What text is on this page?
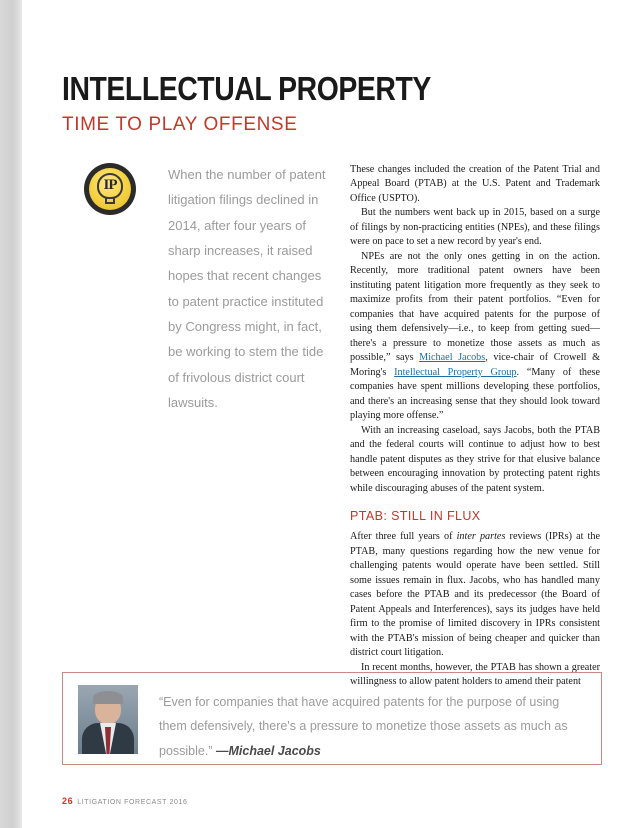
INTELLECTUAL PROPERTY
TIME TO PLAY OFFENSE
IP
When the number of patent litigation filings declined in 2014, after four years of sharp increases, it raised hopes that recent changes to patent practice instituted by Congress might, in fact, be working to stem the tide of frivolous district court lawsuits.

These changes included the creation of the Patent Trial and Appeal Board (PTAB) at the U.S. Patent and Trademark Office (USPTO).

But the numbers went back up in 2015, based on a surge of filings by non-practicing entities (NPEs), and these filings were on pace to set a new record by year's end.

NPEs are not the only ones getting in on the action. Recently, more traditional patent owners have been instituting patent litigation more frequently as they seek to maximize profits from their patent portfolios. “Even for companies that have acquired patents for the purpose of using them defensively—i.e., to keep from getting sued—there's a pressure to monetize those assets as much as possible,” says Michael Jacobs, vice-chair of Crowell & Moring's Intellectual Property Group. “Many of these companies have spent millions developing these portfolios, and there's an increasing sense that they should look toward playing more offense.”

With an increasing caseload, says Jacobs, both the PTAB and the federal courts will continue to adjust how to best handle patent disputes as they strive for that elusive balance between encouraging innovation by protecting patent rights while discouraging abuses of the patent system.

PTAB: STILL IN FLUX

After three full years of inter partes reviews (IPRs) at the PTAB, many questions regarding how the new venue for challenging patents would operate have been settled. Still some issues remain in flux. Jacobs, who has handled many cases before the PTAB and its predecessor (the Board of Patent Appeals and Interferences), says its judges have held firm to the promise of limited discovery in IPRs consistent with the PTAB's mission of being cheaper and quicker than district court litigation.

In recent months, however, the PTAB has shown a greater willingness to allow patent holders to amend their patent

“Even for companies that have acquired patents for the purpose of using them defensively, there's a pressure to monetize those assets as much as possible.” —Michael Jacobs
26 LITIGATION FORECAST 2016
